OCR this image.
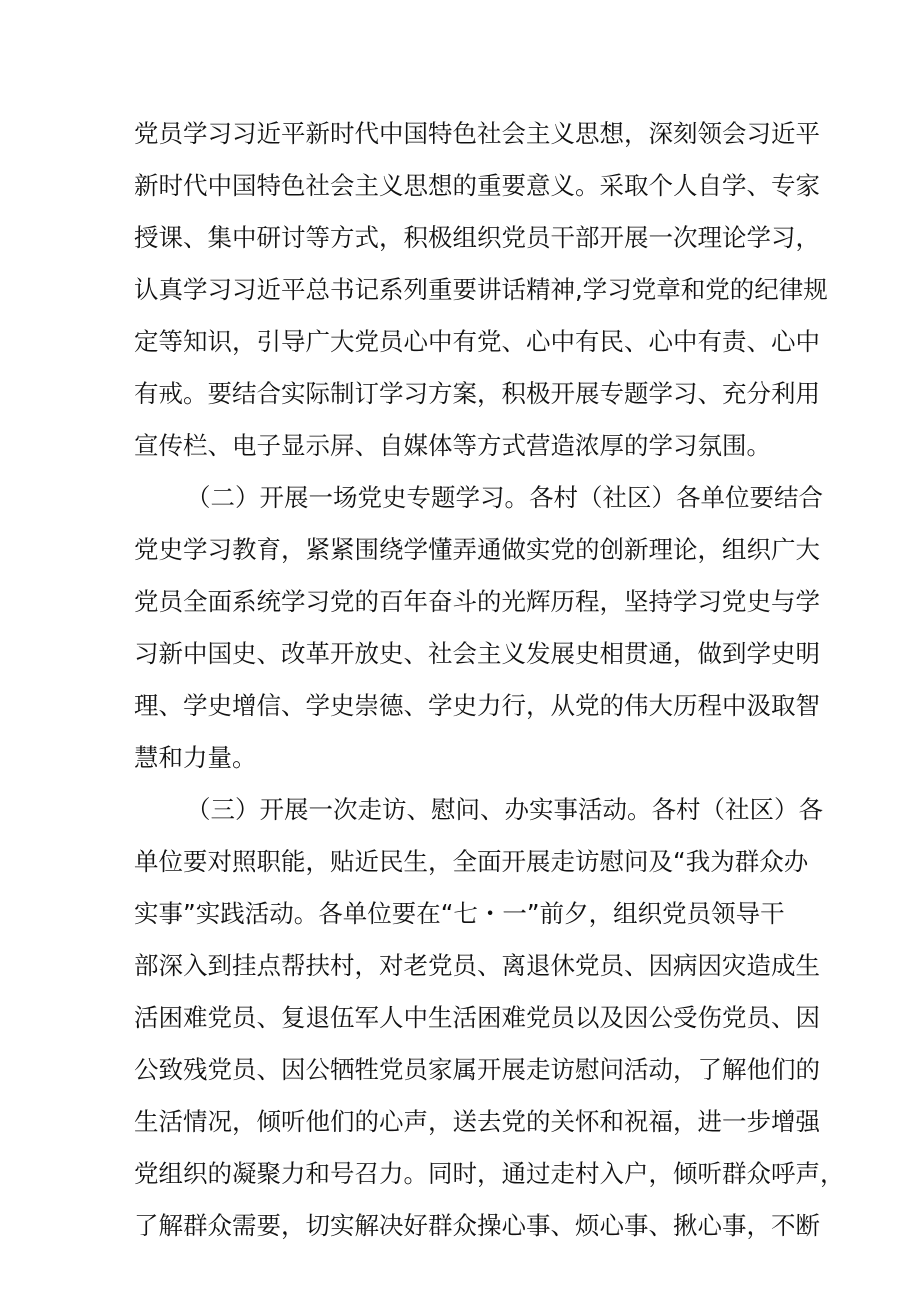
党员学习习近平新时代中国特色社会主义思想，深刻领会习近平
新时代中国特色社会主义思想的重要意义。采取个人自学、专家
授课、集中研讨等方式，积极组织党员干部开展一次理论学习，
认真学习习近平总书记系列重要讲话精神,学习党章和党的纪律规
定等知识，引导广大党员心中有党、心中有民、心中有责、心中
有戒。要结合实际制订学习方案，积极开展专题学习、充分利用
宣传栏、电子显示屏、自媒体等方式营造浓厚的学习氛围。
（二）开展一场党史专题学习。各村（社区）各单位要结合
党史学习教育，紧紧围绕学懂弄通做实党的创新理论，组织广大
党员全面系统学习党的百年奋斗的光辉历程，坚持学习党史与学
习新中国史、改革开放史、社会主义发展史相贯通，做到学史明
理、学史增信、学史崇德、学史力行，从党的伟大历程中汲取智
慧和力量。
（三）开展一次走访、慰问、办实事活动。各村（社区）各
单位要对照职能，贴近民生，全面开展走访慰问及“我为群众办
实事”实践活动。各单位要在“七・一”前夕，组织党员领导干
部深入到挂点帮扶村，对老党员、离退休党员、因病因灾造成生
活困难党员、复退伍军人中生活困难党员以及因公受伤党员、因
公致残党员、因公牺牲党员家属开展走访慰问活动，了解他们的
生活情况，倾听他们的心声，送去党的关怀和祝福，进一步增强
党组织的凝聚力和号召力。同时，通过走村入户，倾听群众呼声，
了解群众需要，切实解决好群众操心事、烦心事、揪心事，不断
